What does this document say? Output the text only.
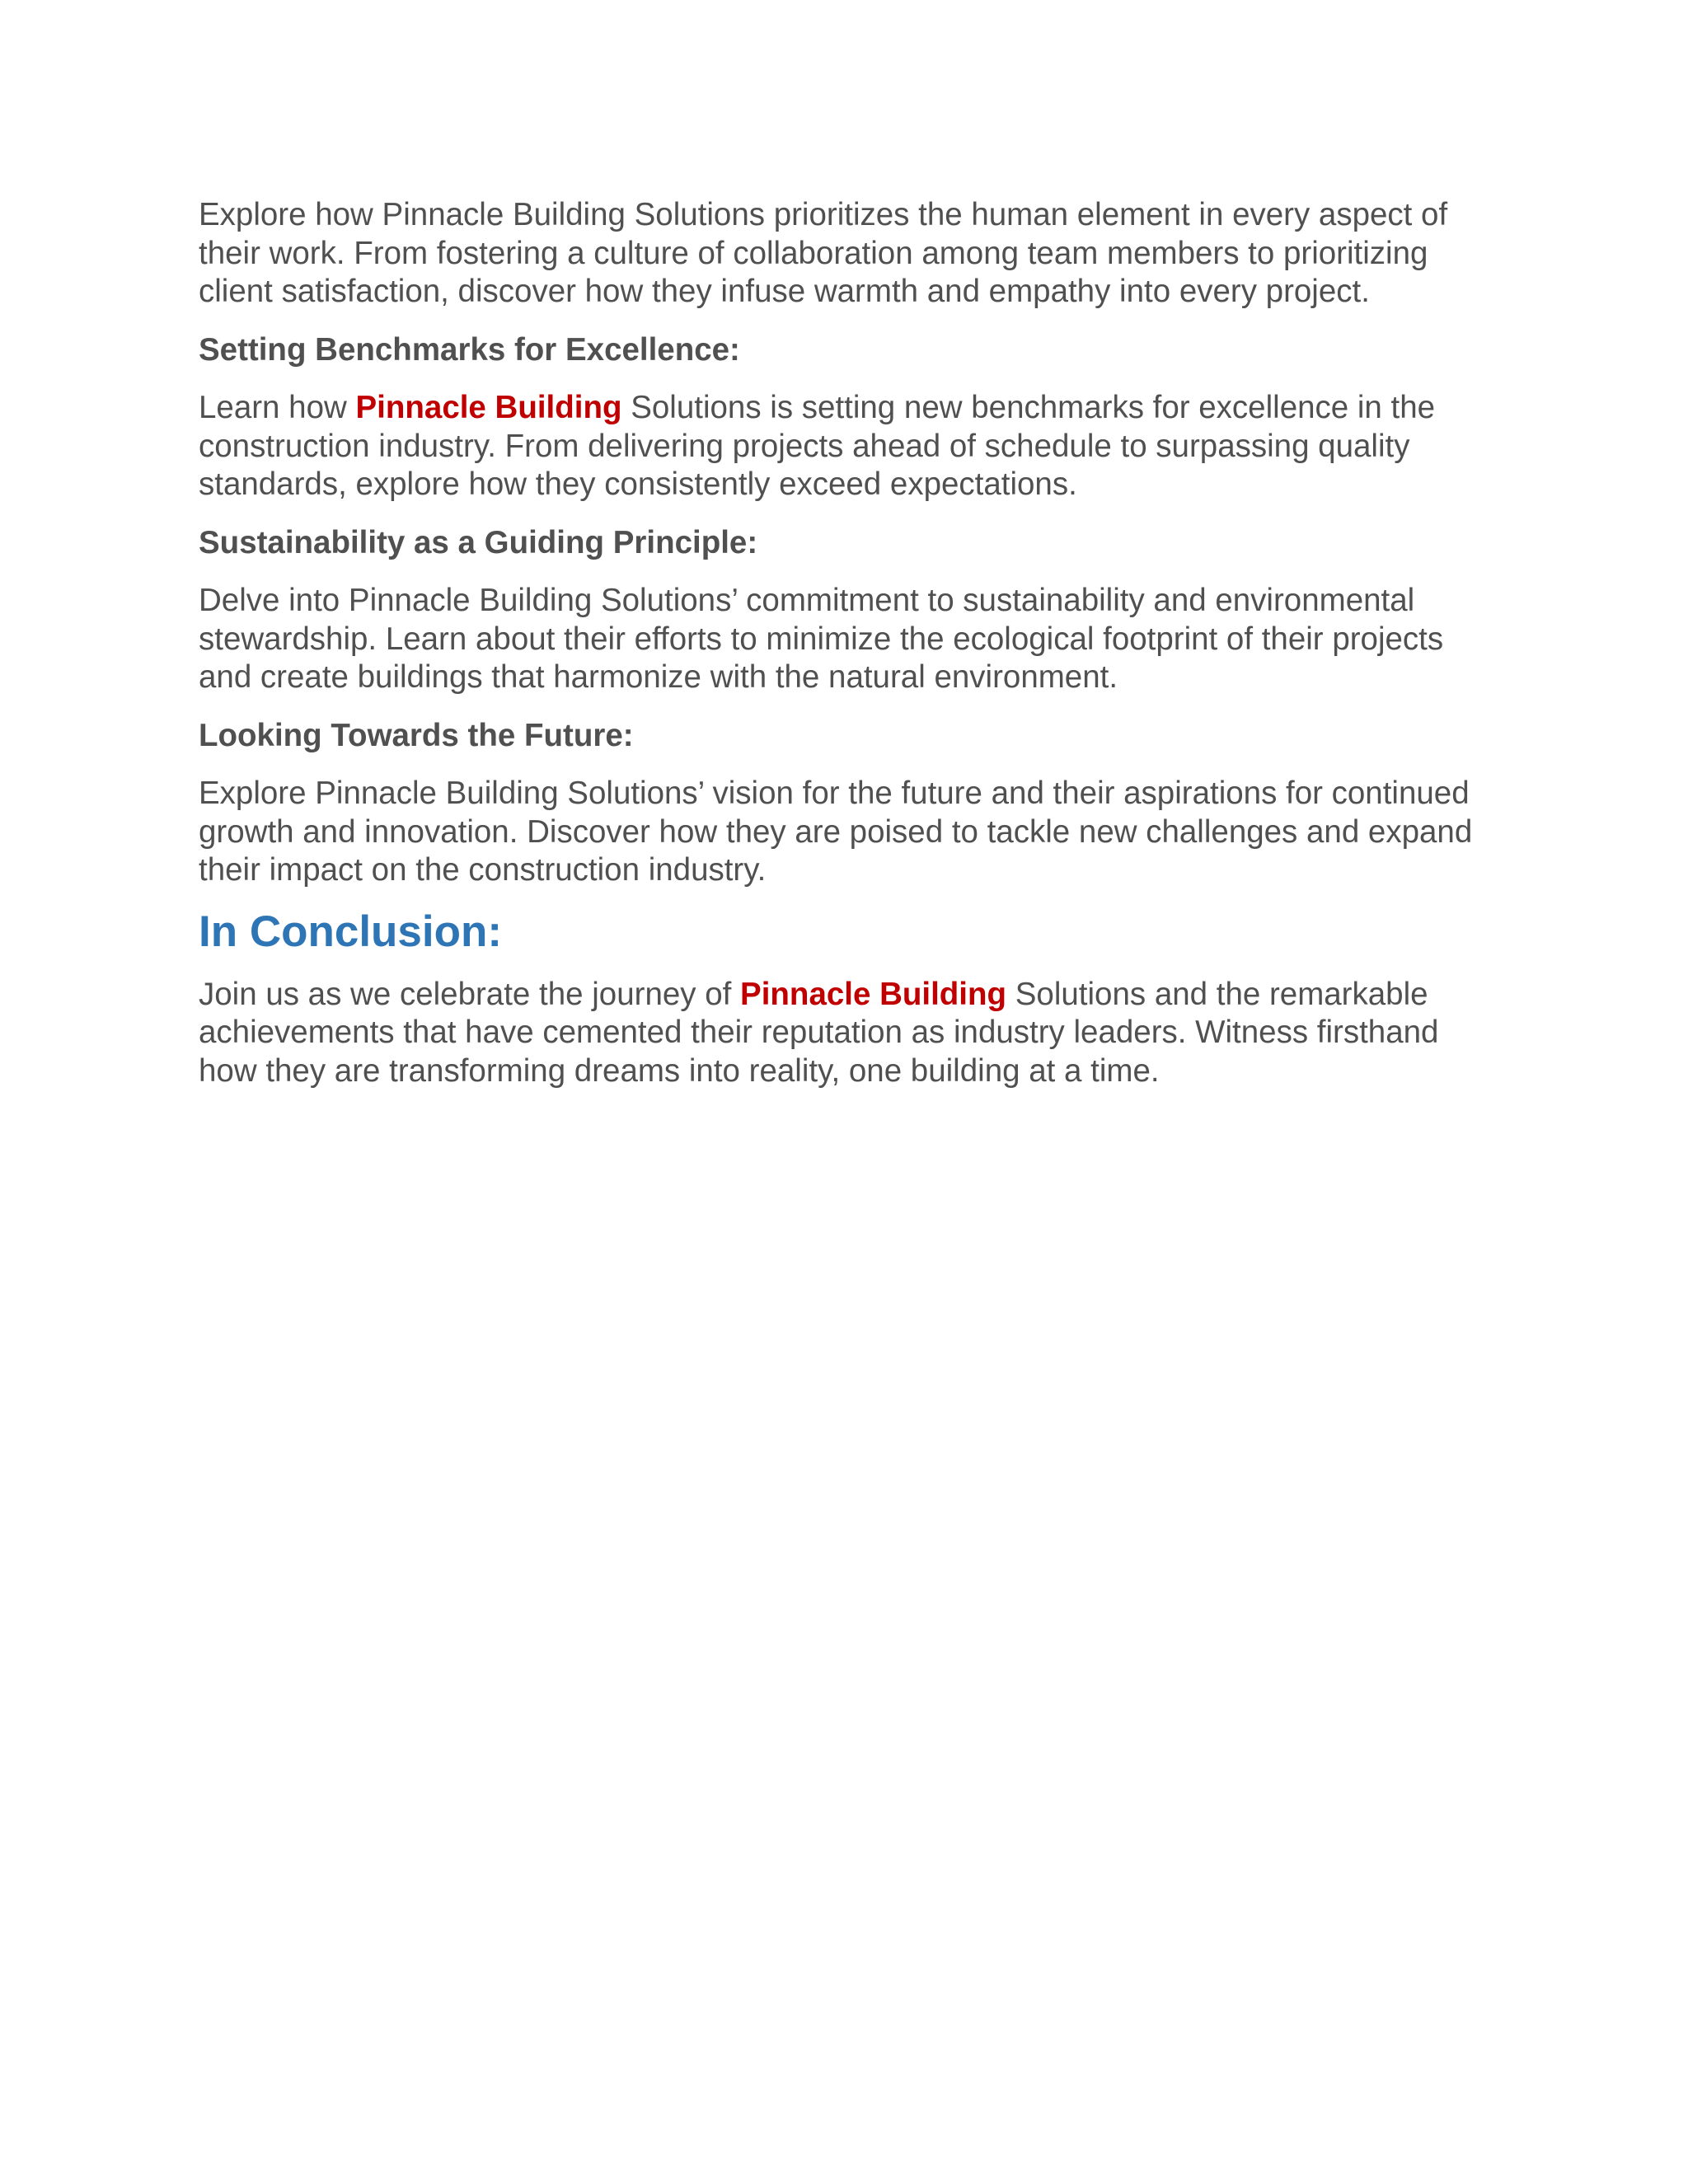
Explore how Pinnacle Building Solutions prioritizes the human element in every aspect of their work. From fostering a culture of collaboration among team members to prioritizing client satisfaction, discover how they infuse warmth and empathy into every project.

Setting Benchmarks for Excellence:

Learn how Pinnacle Building Solutions is setting new benchmarks for excellence in the construction industry. From delivering projects ahead of schedule to surpassing quality standards, explore how they consistently exceed expectations.

Sustainability as a Guiding Principle:

Delve into Pinnacle Building Solutions’ commitment to sustainability and environmental stewardship. Learn about their efforts to minimize the ecological footprint of their projects and create buildings that harmonize with the natural environment.

Looking Towards the Future:

Explore Pinnacle Building Solutions’ vision for the future and their aspirations for continued growth and innovation. Discover how they are poised to tackle new challenges and expand their impact on the construction industry.

In Conclusion:

Join us as we celebrate the journey of Pinnacle Building Solutions and the remarkable achievements that have cemented their reputation as industry leaders. Witness firsthand how they are transforming dreams into reality, one building at a time.
